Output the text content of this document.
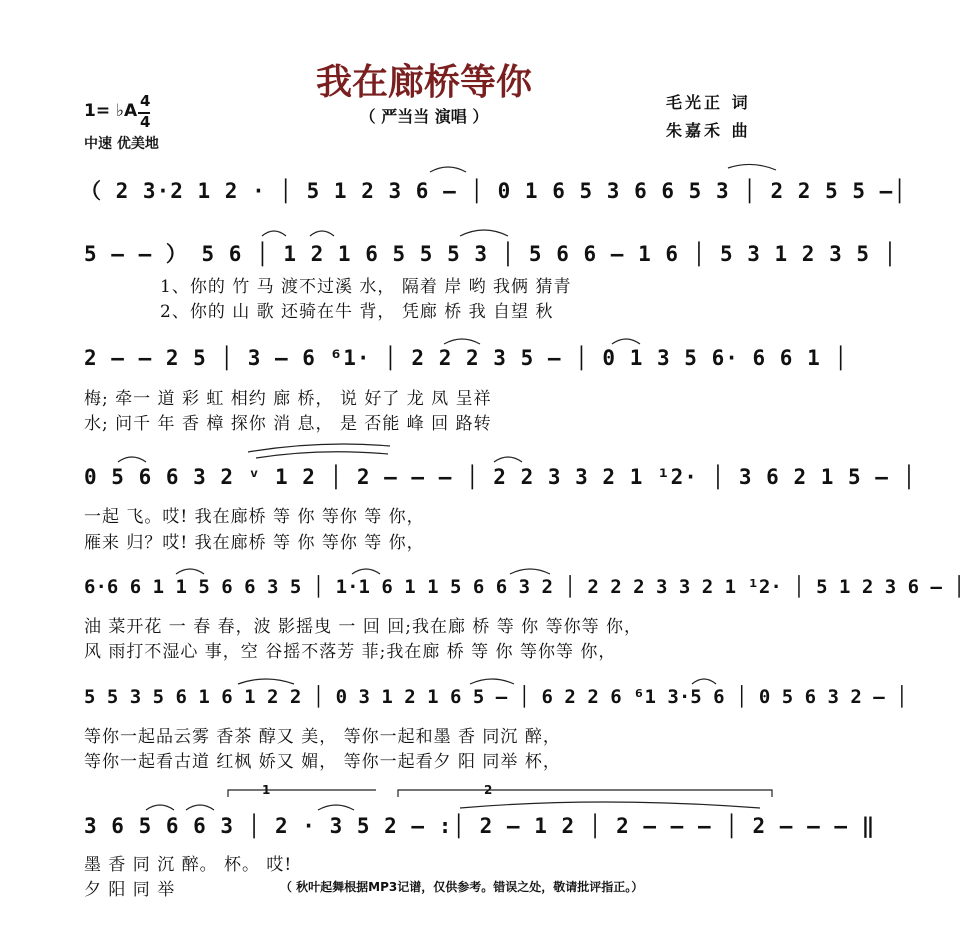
我在廊桥等你
（ 严当当 演唱 ）
毛光正 词
朱嘉禾 曲
1= ♭A 4
4
中速 优美地
（ 2 3·2 1 2 · │ 5 1 2 3 6 – │ 0 1 6 5 3 6 6 5 3 │ 2 2 5 5 –│
5 – – ） 5 6 │ 1 2 1 6 5 5 5 3 │ 5 6 6 – 1 6 │ 5 3 1 2 3 5 │
1、你的 竹 马 渡不过溪 水， 隔着 岸 哟 我俩 猜青
2、你的 山 歌 还骑在牛 背， 凭廊 桥 我 自望 秋
2 – – 2 5 │ 3 – 6 ⁶1· │ 2 2 2 3 5 – │ 0 1 3 5 6· 6 6 1 │
梅; 牵一 道 彩 虹 相约 廊 桥， 说 好了 龙 凤 呈祥
水; 问千 年 香 樟 探你 消 息， 是 否能 峰 回 路转
0 5 6 6 3 2 ᵛ 1 2 │ 2 – – – │ 2 2 3 3 2 1 ¹2· │ 3 6 2 1 5 – │
一起 飞。哎! 我在廊桥 等 你 等你 等 你，
雁来 归？哎! 我在廊桥 等 你 等你 等 你，
6·6 6 1 1 5 6 6 3 5 │ 1·1 6 1 1 5 6 6 3 2 │ 2 2 2 3 3 2 1 ¹2· │ 5 1 2 3 6 – │
油 菜开花 一 春 春，波 影摇曳 一 回 回;我在廊 桥 等 你 等你等 你，
风 雨打不湿心 事，空 谷摇不落芳 菲;我在廊 桥 等 你 等你等 你，
5 5 3 5 6 1 6 1 2 2 │ 0 3 1 2 1 6 5 – │ 6 2 2 6 ⁶1 3·5 6 │ 0 5 6 3 2 – │
等你一起品云雾 香茶 醇又 美， 等你一起和墨 香 同沉 醉，
等你一起看古道 红枫 娇又 媚， 等你一起看夕 阳 同举 杯，
1	2
3 6 5 6 6 3 │ 2 · 3 5 2 – :│ 2 – 1 2 │ 2 – – – │ 2 – – – ‖
墨 香 同 沉 醉。 杯。 哎!
夕 阳 同 举	（ 秋叶起舞根据MP3记谱，仅供参考。错误之处，敬请批评指正。）
